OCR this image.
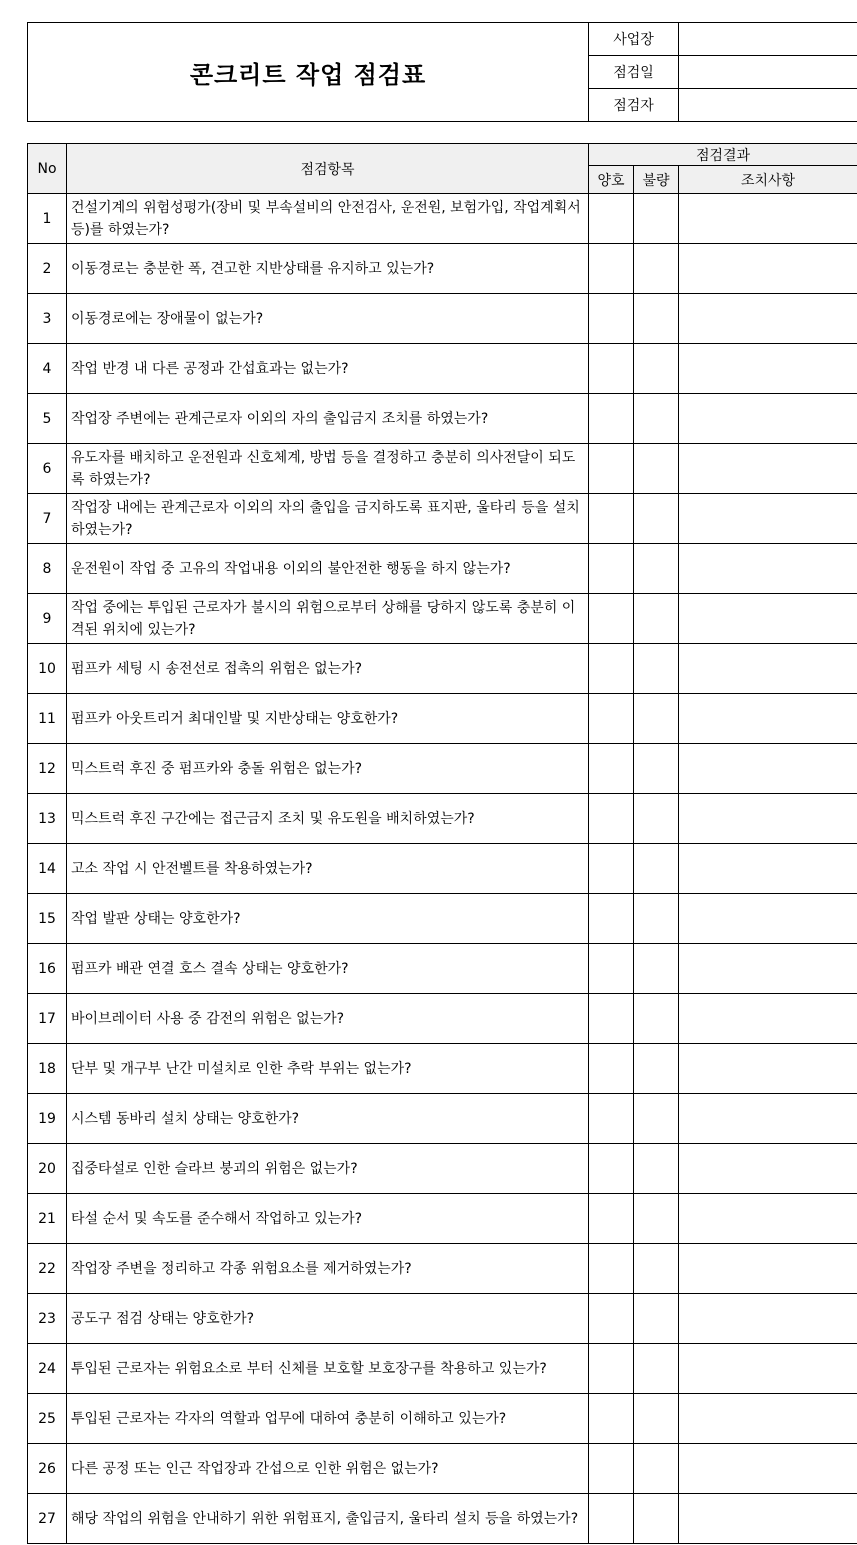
콘크리트 작업 점검표	사업장	
	점검일	
	점검자	
No	점검항목	점검결과		
		양호	불량	조치사항
1	건설기계의 위험성평가(장비 및 부속설비의 안전검사, 운전원, 보험가입, 작업계획서 등)를 하였는가?			
2	이동경로는 충분한 폭, 견고한 지반상태를 유지하고 있는가?			
3	이동경로에는 장애물이 없는가?			
4	작업 반경 내 다른 공정과 간섭효과는 없는가?			
5	작업장 주변에는 관계근로자 이외의 자의 출입금지 조치를 하였는가?			
6	유도자를 배치하고 운전원과 신호체계, 방법 등을 결정하고 충분히 의사전달이 되도록 하였는가?			
7	작업장 내에는 관계근로자 이외의 자의 출입을 금지하도록 표지판, 울타리 등을 설치하였는가?			
8	운전원이 작업 중 고유의 작업내용 이외의 불안전한 행동을 하지 않는가?			
9	작업 중에는 투입된 근로자가 불시의 위험으로부터 상해를 당하지 않도록 충분히 이격된 위치에 있는가?			
10	펌프카 세팅 시 송전선로 접촉의 위험은 없는가?			
11	펌프카 아웃트리거 최대인발 및 지반상태는 양호한가?			
12	믹스트럭 후진 중 펌프카와 충돌 위험은 없는가?			
13	믹스트럭 후진 구간에는 접근금지 조치 및 유도원을 배치하였는가?			
14	고소 작업 시 안전벨트를 착용하였는가?			
15	작업 발판 상태는 양호한가?			
16	펌프카 배관 연결 호스 결속 상태는 양호한가?			
17	바이브레이터 사용 중 감전의 위험은 없는가?			
18	단부 및 개구부 난간 미설치로 인한 추락 부위는 없는가?			
19	시스템 동바리 설치 상태는 양호한가?			
20	집중타설로 인한 슬라브 붕괴의 위험은 없는가?			
21	타설 순서 및 속도를 준수해서 작업하고 있는가?			
22	작업장 주변을 정리하고 각종 위험요소를 제거하였는가?			
23	공도구 점검 상태는 양호한가?			
24	투입된 근로자는 위험요소로 부터 신체를 보호할 보호장구를 착용하고 있는가?			
25	투입된 근로자는 각자의 역할과 업무에 대하여 충분히 이해하고 있는가?			
26	다른 공정 또는 인근 작업장과 간섭으로 인한 위험은 없는가?			
27	해당 작업의 위험을 안내하기 위한 위험표지, 출입금지, 울타리 설치 등을 하였는가?			
